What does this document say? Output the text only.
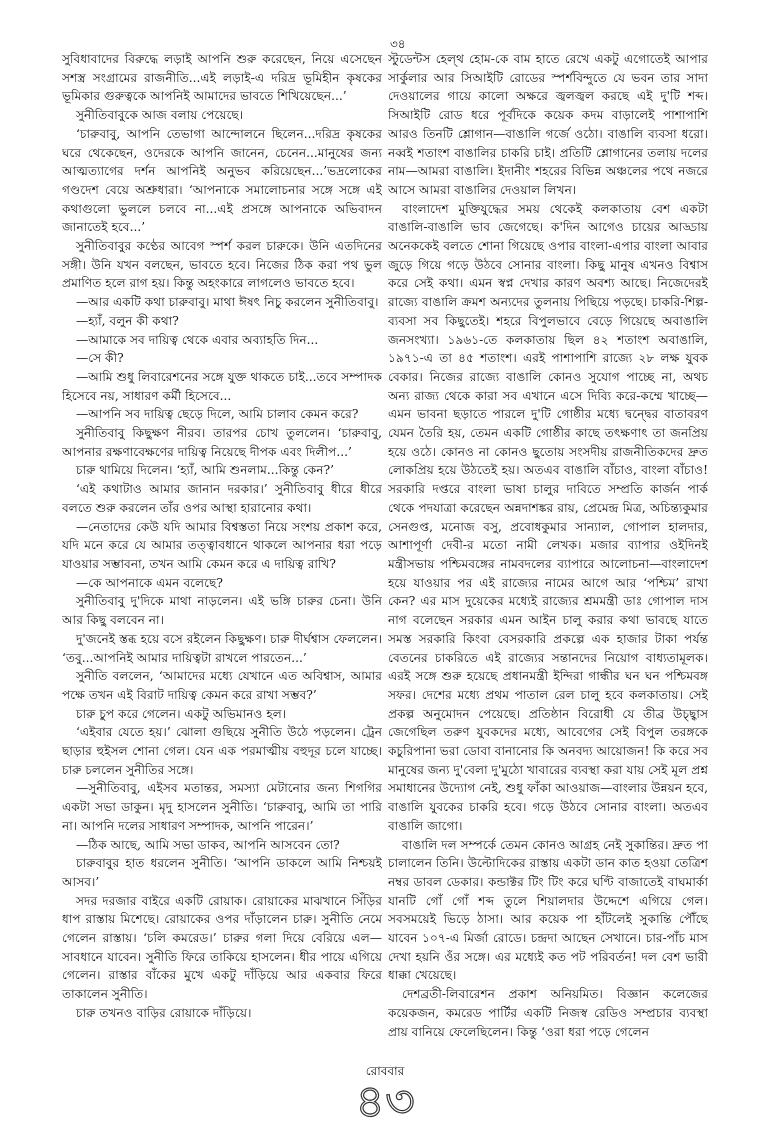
৩৪

সুবিধাবাদের বিরুদ্ধে লড়াই আপনি শুরু করেছেন, নিয়ে এসেছেন সশস্ত্র সংগ্রামের রাজনীতি...এই লড়াই-এ দরিদ্র ভূমিহীন কৃষকের ভূমিকার গুরুত্বকে আপনিই আমাদের ভাবতে শিখিয়েছেন...’

সুনীতিবাবুকে আজ বলায় পেয়েছে।

‘চারুবাবু, আপনি তেভাগা আন্দোলনে ছিলেন...দরিদ্র কৃষকের ঘরে থেকেছেন, ওদেরকে আপনি জানেন, চেনেন...মানুষের জন্য আত্মত্যাগের দর্শন আপনিই অনুভব করিয়েছেন...’ভদ্রলোকের গণ্ডদেশ বেয়ে অশ্রুধারা। ‘আপনাকে সমালোচনার সঙ্গে সঙ্গে এই কথাগুলো ভুললে চলবে না...এই প্রসঙ্গে আপনাকে অভিবাদন জানাতেই হবে...’

সুনীতিবাবুর কণ্ঠের আবেগ স্পর্শ করল চারুকে। উনি এতদিনের সঙ্গী। উনি যখন বলছেন, ভাবতে হবে। নিজের ঠিক করা পথ ভুল প্রমাণিত হলে রাগ হয়। কিন্তু অহংকারে লাগলেও ভাবতে হবে।

—আর একটি কথা চারুবাবু। মাথা ঈষৎ নিচু করলেন সুনীতিবাবু।

—হ্যাঁ, বলুন কী কথা?

—আমাকে সব দায়িত্ব থেকে এবার অব্যাহতি দিন...

—সে কী?

—আমি শুধু লিবারেশনের সঙ্গে যুক্ত থাকতে চাই...তবে সম্পাদক হিসেবে নয়, সাধারণ কর্মী হিসেবে...

—আপনি সব দায়িত্ব ছেড়ে দিলে, আমি চালাব কেমন করে?

সুনীতিবাবু কিছুক্ষণ নীরব। তারপর চোখ তুললেন। ‘চারুবাবু, আপনার রক্ষণাবেক্ষণের দায়িত্ব নিয়েছে দীপক এবং দিলীপ...’

চারু থামিয়ে দিলেন। ‘হ্যাঁ, আমি শুনলাম...কিন্তু কেন?’

‘এই কথাটাও আমার জানান দরকার।’ সুনীতিবাবু ধীরে ধীরে বলতে শুরু করলেন তাঁর ওপর আস্থা হারানোর কথা।

—নেতাদের কেউ যদি আমার বিশ্বস্ততা নিয়ে সংশয় প্রকাশ করে, যদি মনে করে যে আমার তত্ত্বাবধানে থাকলে আপনার ধরা পড়ে যাওয়ার সম্ভাবনা, তখন আমি কেমন করে এ দায়িত্ব রাখি?

—কে আপনাকে এমন বলেছে?

সুনীতিবাবু দু'দিকে মাথা নাড়লেন। এই ভঙ্গি চারুর চেনা। উনি আর কিছু বলবেন না।

দু'জনেই স্তব্ধ হয়ে বসে রইলেন কিছুক্ষণ। চারু দীর্ঘশ্বাস ফেললেন। ‘তবু...আপনিই আমার দায়িত্বটা রাখলে পারতেন...’

সুনীতি বললেন, ‘আমাদের মধ্যে যেখানে এত অবিশ্বাস, আমার পক্ষে তখন এই বিরাট দায়িত্ব কেমন করে রাখা সম্ভব?’

চারু চুপ করে গেলেন। একটু অভিমানও হল।

‘এইবার যেতে হয়।’ ঝোলা গুছিয়ে সুনীতি উঠে পড়লেন। ট্রেন ছাড়ার হুইসল শোনা গেল। যেন এক পরমাত্মীয় বহুদূর চলে যাচ্ছে। চারু চললেন সুনীতির সঙ্গে।

—সুনীতিবাবু, এইসব মতান্তর, সমস্যা মেটানোর জন্য শিগগির একটা সভা ডাকুন। মৃদু হাসলেন সুনীতি। ‘চারুবাবু, আমি তা পারি না। আপনি দলের সাধারণ সম্পাদক, আপনি পারেন।’

—ঠিক আছে, আমি সভা ডাকব, আপনি আসবেন তো?

চারুবাবুর হাত ধরলেন সুনীতি। ‘আপনি ডাকলে আমি নিশ্চয়ই আসব।’

সদর দরজার বাইরে একটি রোয়াক। রোয়াকের মাঝখানে সিঁড়ির ধাপ রাস্তায় মিশেছে। রোয়াকের ওপর দাঁড়ালেন চারু। সুনীতি নেমে গেলেন রাস্তায়। ‘চলি কমরেড।’ চারুর গলা দিয়ে বেরিয়ে এল—সাবধানে যাবেন। সুনীতি ফিরে তাকিয়ে হাসলেন। ধীর পায়ে এগিয়ে গেলেন। রাস্তার বাঁকের মুখে একটু দাঁড়িয়ে আর একবার ফিরে তাকালেন সুনীতি।

চারু তখনও বাড়ির রোয়াকে দাঁড়িয়ে।

স্টুডেন্টস হেল্থ হোম-কে বাম হাতে রেখে একটু এগোতেই আপার সার্কুলার আর সিআইটি রোডের স্পর্শবিন্দুতে যে ভবন তার সাদা দেওয়ালের গায়ে কালো অক্ষরে জ্বলজ্বল করছে এই দু'টি শব্দ। সিআইটি রোড ধরে পূর্বদিকে কয়েক কদম বাড়ালেই পাশাপাশি আরও তিনটি শ্লোগান—বাঙালি গর্জে ওঠো। বাঙালি ব্যবসা ধরো। নব্বই শতাংশ বাঙালির চাকরি চাই। প্রতিটি শ্লোগানের তলায় দলের নাম—আমরা বাঙালি। ইদানীং শহরের বিভিন্ন অঞ্চলের পথে নজরে আসে আমরা বাঙালির দেওয়াল লিখন।

বাংলাদেশ মুক্তিযুদ্ধের সময় থেকেই কলকাতায় বেশ একটা বাঙালি-বাঙালি ভাব জেগেছে। ক'দিন আগেও চায়ের আড্ডায় অনেককেই বলতে শোনা গিয়েছে ওপার বাংলা-এপার বাংলা আবার জুড়ে গিয়ে গড়ে উঠবে সোনার বাংলা। কিছু মানুষ এখনও বিশ্বাস করে সেই কথা। এমন স্বপ্ন দেখার কারণ অবশ্য আছে। নিজেদেরই রাজ্যে বাঙালি ক্রমশ অন্যদের তুলনায় পিছিয়ে পড়ছে। চাকরি-শিল্প-ব্যবসা সব কিছুতেই। শহরে বিপুলভাবে বেড়ে গিয়েছে অবাঙালি জনসংখ্যা। ১৯৬১-তে কলকাতায় ছিল ৪২ শতাংশ অবাঙালি, ১৯৭১-এ তা ৪৫ শতাংশ। এরই পাশাপাশি রাজ্যে ২৮ লক্ষ যুবক বেকার। নিজের রাজ্যে বাঙালি কোনও সুযোগ পাচ্ছে না, অথচ অন্য রাজ্য থেকে কারা সব এখানে এসে দিব্যি করে-কম্মে খাচ্ছে—এমন ভাবনা ছড়াতে পারলে দু'টি গোষ্ঠীর মধ্যে দ্বন্দ্বের বাতাবরণ যেমন তৈরি হয়, তেমন একটি গোষ্ঠীর কাছে তৎক্ষণাৎ তা জনপ্রিয় হয়ে ওঠে। কোনও না কোনও ছুতোয় সংসদীয় রাজনীতিকদের দ্রুত লোকপ্রিয় হয়ে উঠতেই হয়। অতএব বাঙালি বাঁচাও, বাংলা বাঁচাও! সরকারি দপ্তরে বাংলা ভাষা চালুর দাবিতে সম্প্রতি কার্জন পার্ক থেকে পদযাত্রা করেছেন অন্নদাশঙ্কর রায়, প্রেমেন্দ্র মিত্র, অচিন্ত্যকুমার সেনগুপ্ত, মনোজ বসু, প্রবোধকুমার সান্যাল, গোপাল হালদার, আশাপূর্ণা দেবী-র মতো নামী লেখক। মজার ব্যাপার ওইদিনই মন্ত্রীসভায় পশ্চিমবঙ্গের নামবদলের ব্যাপারে আলোচনা—বাংলাদেশ হয়ে যাওয়ার পর এই রাজ্যের নামের আগে আর ‘পশ্চিম’ রাখা কেন? এর মাস দুয়েকের মধ্যেই রাজ্যের শ্রমমন্ত্রী ডাঃ গোপাল দাস নাগ বলেছেন সরকার এমন আইন চালু করার কথা ভাবছে যাতে সমস্ত সরকারি কিংবা বেসরকারি প্রকল্পে এক হাজার টাকা পর্যন্ত বেতনের চাকরিতে এই রাজ্যের সন্তানদের নিয়োগ বাধ্যতামূলক। এরই সঙ্গে শুরু হয়েছে প্রধানমন্ত্রী ইন্দিরা গান্ধীর ঘন ঘন পশ্চিমবঙ্গ সফর। দেশের মধ্যে প্রথম পাতাল রেল চালু হবে কলকাতায়। সেই প্রকল্প অনুমোদন পেয়েছে। প্রতিষ্ঠান বিরোধী যে তীব্র উচ্ছ্বাস জেগেছিল তরুণ যুবকদের মধ্যে, আবেগের সেই বিপুল তরঙ্গকে কচুরিপানা ভরা ডোবা বানানোর কি অনবদ্য আয়োজন! কি করে সব মানুষের জন্য দু'বেলা দু'মুঠো খাবারের ব্যবস্থা করা যায় সেই মূল প্রশ্ন সমাধানের উদ্যোগ নেই, শুধু ফাঁকা আওয়াজ—বাংলার উন্নয়ন হবে, বাঙালি যুবকের চাকরি হবে। গড়ে উঠবে সোনার বাংলা। অতএব বাঙালি জাগো।

বাঙালি দল সম্পর্কে তেমন কোনও আগ্রহ নেই সুকান্তির। দ্রুত পা চালালেন তিনি। উল্টোদিকের রাস্তায় একটা ডান কাত হওয়া তেত্রিশ নম্বর ডাবল ডেকার। কন্ডাক্টর টিং টিং করে ঘণ্টি বাজাতেই বাঘমার্কা যানটি গোঁ গোঁ শব্দ তুলে শিয়ালদার উদ্দেশে এগিয়ে গেল। সবসময়েই ভিড়ে ঠাসা। আর কয়েক পা হাঁটলেই সুকান্তি পৌঁছে যাবেন ১০৭-এ মির্জা রোডে। চন্দ্রদা আছেন সেখানে। চার-পাঁচ মাস দেখা হয়নি ওঁর সঙ্গে। এর মধ্যেই কত পট পরিবর্তন! দল বেশ ভারী ধাক্কা খেয়েছে।

দেশব্রতী-লিবারেশন প্রকাশ অনিয়মিত। বিজ্ঞান কলেজের কয়েকজন, কমরেড পার্টির একটি নিজস্ব রেডিও সম্প্রচার ব্যবস্থা প্রায় বানিয়ে ফেলেছিলেন। কিন্তু ‘ওরা ধরা পড়ে গেলেন

রোববার
৪৩
